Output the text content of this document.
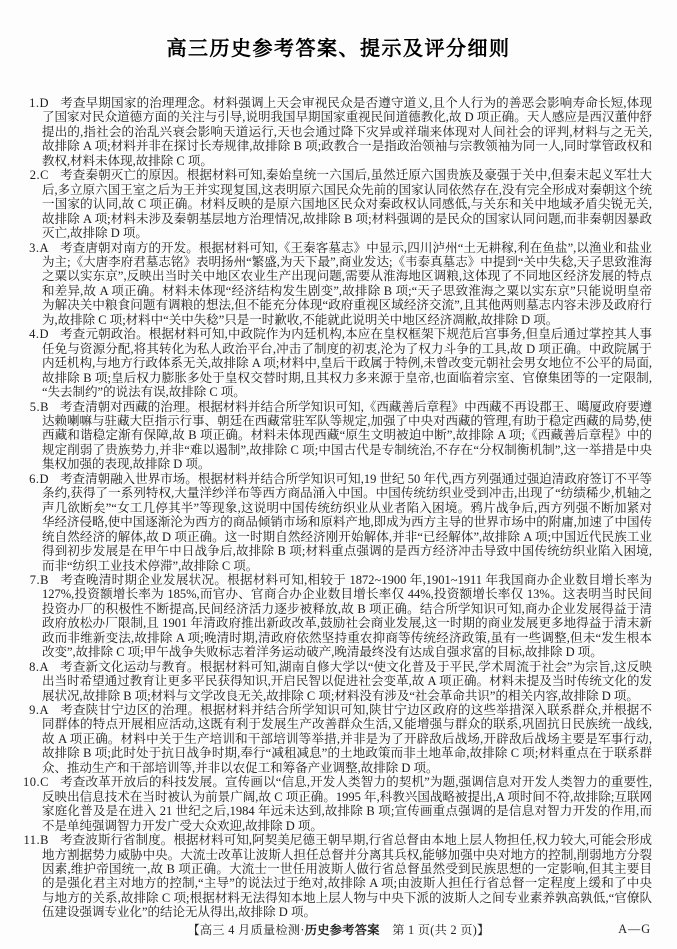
高三历史参考答案、提示及评分细则
1.D 考查早期国家的治理理念。材料强调上天会审视民众是否遵守道义,且个人行为的善恶会影响寿命长短,体现了国家对民众道德方面的关注与引导,说明我国早期国家重视民间道德教化,故 D 项正确。天人感应是西汉董仲舒提出的,指社会的治乱兴衰会影响天道运行,天也会通过降下灾异或祥瑞来体现对人间社会的评判,材料与之无关,故排除 A 项;材料并非在探讨长寿规律,故排除 B 项;政教合一是指政治领袖与宗教领袖为同一人,同时掌管政权和教权,材料未体现,故排除 C 项。
2.C 考查秦朝灭亡的原因。根据材料可知,秦始皇统一六国后,虽然迁原六国贵族及豪强于关中,但秦末起义军壮大后,多立原六国王室之后为王并实现复国,这表明原六国民众先前的国家认同依然存在,没有完全形成对秦朝这个统一国家的认同,故 C 项正确。材料反映的是原六国地区民众对秦政权认同感低,与关东和关中地域矛盾尖锐无关,故排除 A 项;材料未涉及秦朝基层地方治理情况,故排除 B 项;材料强调的是民众的国家认同问题,而非秦朝因暴政灭亡,故排除 D 项。
3.A 考查唐朝对南方的开发。根据材料可知,《王秦客墓志》中显示,四川泸州“土无耕稼,利在鱼盐”,以渔业和盐业为主;《大唐李府君墓志铭》表明扬州“繁盛,为天下最”,商业发达;《韦泰真墓志》中提到“关中失稔,天子思致淮海之粟以实东京”,反映出当时关中地区农业生产出现问题,需要从淮海地区调粮,这体现了不同地区经济发展的特点和差异,故 A 项正确。材料未体现“经济结构发生剧变”,故排除 B 项;“天子思致淮海之粟以实东京”只能说明皇帝为解决关中粮食问题有调粮的想法,但不能充分体现“政府重视区域经济交流”,且其他两则墓志内容未涉及政府行为,故排除 C 项;材料中“关中失稔”只是一时歉收,不能就此说明关中地区经济凋敝,故排除 D 项。
4.D 考查元朝政治。根据材料可知,中政院作为内廷机构,本应在皇权框架下规范后宫事务,但皇后通过掌控其人事任免与资源分配,将其转化为私人政治平台,冲击了制度的初衷,沦为了权力斗争的工具,故 D 项正确。中政院属于内廷机构,与地方行政体系无关,故排除 A 项;材料中,皇后干政属于特例,未曾改变元朝社会男女地位不公平的局面,故排除 B 项;皇后权力膨胀多处于皇权交替时期,且其权力多来源于皇帝,也面临着宗室、官僚集团等的一定限制,“失去制约”的说法有误,故排除 C 项。
5.B 考查清朝对西藏的治理。根据材料并结合所学知识可知,《西藏善后章程》中西藏不再设郡王、噶厦政府要遵达赖喇嘛与驻藏大臣指示行事、朝廷在西藏常驻军队等规定,加强了中央对西藏的管理,有助于稳定西藏的局势,使西藏和谐稳定渐有保障,故 B 项正确。材料未体现西藏“原生文明被迫中断”,故排除 A 项;《西藏善后章程》中的规定削弱了贵族势力,并非“难以遏制”,故排除 C 项;中国古代是专制统治,不存在“分权制衡机制”,这一举措是中央集权加强的表现,故排除 D 项。
6.D 考查清朝融入世界市场。根据材料并结合所学知识可知,19 世纪 50 年代,西方列强通过强迫清政府签订不平等条约,获得了一系列特权,大量洋纱洋布等西方商品涌入中国。中国传统纺织业受到冲击,出现了“纺绩稀少,机轴之声几欲断矣”“女工几停其半”等现象,这说明中国传统纺织业从业者陷入困境。鸦片战争后,西方列强不断加紧对华经济侵略,使中国逐渐沦为西方的商品倾销市场和原料产地,即成为西方主导的世界市场中的附庸,加速了中国传统自然经济的解体,故 D 项正确。这一时期自然经济刚开始解体,并非“已经解体”,故排除 A 项;中国近代民族工业得到初步发展是在甲午中日战争后,故排除 B 项;材料重点强调的是西方经济冲击导致中国传统纺织业陷入困境,而非“纺织工业技术停滞”,故排除 C 项。
7.B 考查晚清时期企业发展状况。根据材料可知,相较于 1872~1900 年,1901~1911 年我国商办企业数目增长率为 127%,投资额增长率为 185%,而官办、官商合办企业数目增长率仅 44%,投资额增长率仅 13%。这表明当时民间投资办厂的积极性不断提高,民间经济活力逐步被释放,故 B 项正确。结合所学知识可知,商办企业发展得益于清政府放松办厂限制,且 1901 年清政府推出新政改革,鼓励社会商业发展,这一时期的商业发展更多地得益于清末新政而非维新变法,故排除 A 项;晚清时期,清政府依然坚持重农抑商等传统经济政策,虽有一些调整,但未“发生根本改变”,故排除 C 项;甲午战争失败标志着洋务运动破产,晚清最终没有达成自强求富的目标,故排除 D 项。
8.A 考查新文化运动与教育。根据材料可知,湖南自修大学以“使文化普及于平民,学术周流于社会”为宗旨,这反映出当时希望通过教育让更多平民获得知识,开启民智以促进社会变革,故 A 项正确。材料未提及当时传统文化的发展状况,故排除 B 项;材料与文学改良无关,故排除 C 项;材料没有涉及“社会革命共识”的相关内容,故排除 D 项。
9.A 考查陕甘宁边区的治理。根据材料并结合所学知识可知,陕甘宁边区政府的这些举措深入联系群众,并根据不同群体的特点开展相应活动,这既有利于发展生产改善群众生活,又能增强与群众的联系,巩固抗日民族统一战线,故 A 项正确。材料中关于生产培训和干部培训等举措,并非是为了开辟敌后战场,开辟敌后战场主要是军事行动,故排除 B 项;此时处于抗日战争时期,奉行“减租减息”的土地政策而非土地革命,故排除 C 项;材料重点在于联系群众、推动生产和干部培训等,并非以农促工和筹备产业调整,故排除 D 项。
10.C 考查改革开放后的科技发展。宣传画以“信息,开发人类智力的契机”为题,强调信息对开发人类智力的重要性,反映出信息技术在当时被认为前景广阔,故 C 项正确。1995 年,科教兴国战略被提出,A 项时间不符,故排除;互联网家庭化普及是在进入 21 世纪之后,1984 年远未达到,故排除 B 项;宣传画重点强调的是信息对智力开发的作用,而不是单纯强调智力开发广受大众欢迎,故排除 D 项。
11.B 考查波斯行省制度。根据材料可知,阿契美尼德王朝早期,行省总督由本地上层人物担任,权力较大,可能会形成地方割据势力威胁中央。大流士改革让波斯人担任总督并分离其兵权,能够加强中央对地方的控制,削弱地方分裂因素,维护帝国统一,故 B 项正确。大流士一世任用波斯人做行省总督虽然受到民族思想的一定影响,但其主要目的是强化君主对地方的控制,“主导”的说法过于绝对,故排除 A 项;由波斯人担任行省总督一定程度上缓和了中央与地方的关系,故排除 C 项;根据材料无法得知本地上层人物与中央下派的波斯人之间专业素养孰高孰低,“官僚队伍建设强调专业化”的结论无从得出,故排除 D 项。
【高三 4 月质量检测·历史参考答案　第 1 页(共 2 页)】	A—G
